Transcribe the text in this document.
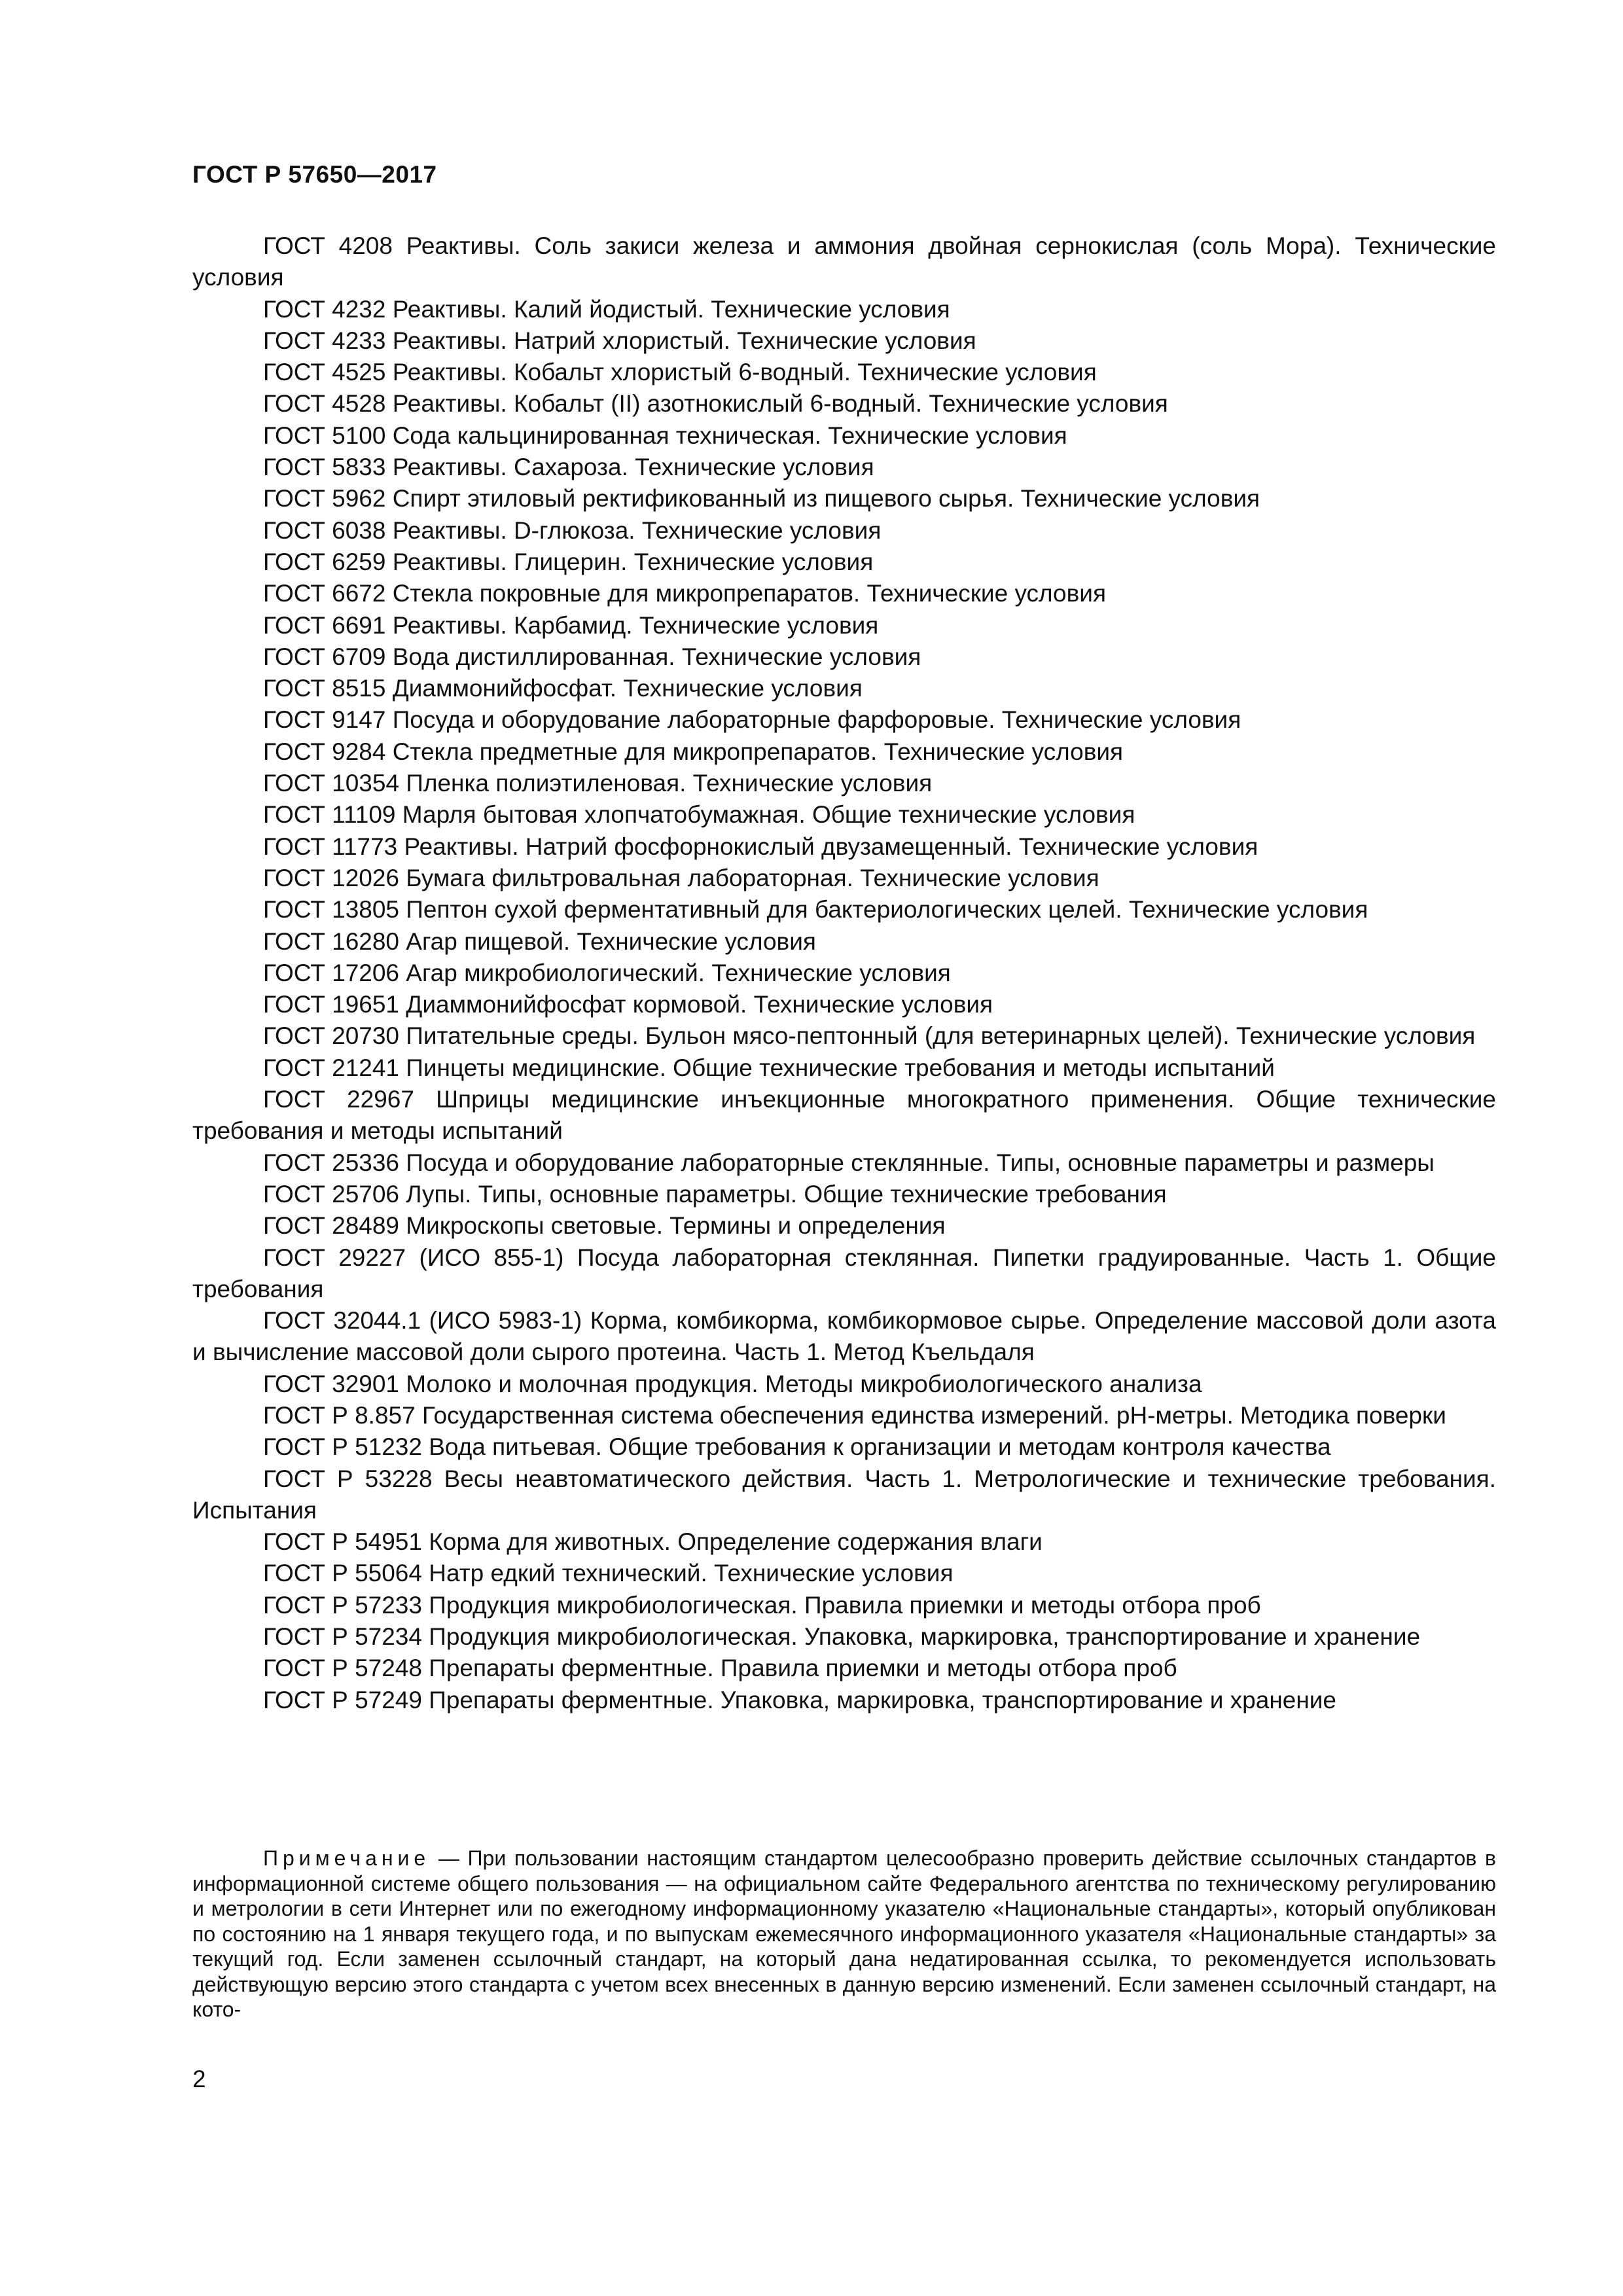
ГОСТ Р 57650—2017

ГОСТ 4208 Реактивы. Соль закиси железа и аммония двойная сернокислая (соль Мора). Технические условия

ГОСТ 4232 Реактивы. Калий йодистый. Технические условия

ГОСТ 4233 Реактивы. Натрий хлористый. Технические условия

ГОСТ 4525 Реактивы. Кобальт хлористый 6-водный. Технические условия

ГОСТ 4528 Реактивы. Кобальт (II) азотнокислый 6-водный. Технические условия

ГОСТ 5100 Сода кальцинированная техническая. Технические условия

ГОСТ 5833 Реактивы. Сахароза. Технические условия

ГОСТ 5962 Спирт этиловый ректификованный из пищевого сырья. Технические условия

ГОСТ 6038 Реактивы. D-глюкоза. Технические условия

ГОСТ 6259 Реактивы. Глицерин. Технические условия

ГОСТ 6672 Стекла покровные для микропрепаратов. Технические условия

ГОСТ 6691 Реактивы. Карбамид. Технические условия

ГОСТ 6709 Вода дистиллированная. Технические условия

ГОСТ 8515 Диаммонийфосфат. Технические условия

ГОСТ 9147 Посуда и оборудование лабораторные фарфоровые. Технические условия

ГОСТ 9284 Стекла предметные для микропрепаратов. Технические условия

ГОСТ 10354 Пленка полиэтиленовая. Технические условия

ГОСТ 11109 Марля бытовая хлопчатобумажная. Общие технические условия

ГОСТ 11773 Реактивы. Натрий фосфорнокислый двузамещенный. Технические условия

ГОСТ 12026 Бумага фильтровальная лабораторная. Технические условия

ГОСТ 13805 Пептон сухой ферментативный для бактериологических целей. Технические условия

ГОСТ 16280 Агар пищевой. Технические условия

ГОСТ 17206 Агар микробиологический. Технические условия

ГОСТ 19651 Диаммонийфосфат кормовой. Технические условия

ГОСТ 20730 Питательные среды. Бульон мясо-пептонный (для ветеринарных целей). Технические условия

ГОСТ 21241 Пинцеты медицинские. Общие технические требования и методы испытаний

ГОСТ 22967 Шприцы медицинские инъекционные многократного применения. Общие технические требования и методы испытаний

ГОСТ 25336 Посуда и оборудование лабораторные стеклянные. Типы, основные параметры и размеры

ГОСТ 25706 Лупы. Типы, основные параметры. Общие технические требования

ГОСТ 28489 Микроскопы световые. Термины и определения

ГОСТ 29227 (ИСО 855-1) Посуда лабораторная стеклянная. Пипетки градуированные. Часть 1. Общие требования

ГОСТ 32044.1 (ИСО 5983-1) Корма, комбикорма, комбикормовое сырье. Определение массовой доли азота и вычисление массовой доли сырого протеина. Часть 1. Метод Къельдаля

ГОСТ 32901 Молоко и молочная продукция. Методы микробиологического анализа

ГОСТ Р 8.857 Государственная система обеспечения единства измерений. pH-метры. Методика поверки

ГОСТ Р 51232 Вода питьевая. Общие требования к организации и методам контроля качества

ГОСТ Р 53228 Весы неавтоматического действия. Часть 1. Метрологические и технические требования. Испытания

ГОСТ Р 54951 Корма для животных. Определение содержания влаги

ГОСТ Р 55064 Натр едкий технический. Технические условия

ГОСТ Р 57233 Продукция микробиологическая. Правила приемки и методы отбора проб

ГОСТ Р 57234 Продукция микробиологическая. Упаковка, маркировка, транспортирование и хранение

ГОСТ Р 57248 Препараты ферментные. Правила приемки и методы отбора проб

ГОСТ Р 57249 Препараты ферментные. Упаковка, маркировка, транспортирование и хранение

Примечание — При пользовании настоящим стандартом целесообразно проверить действие ссылочных стандартов в информационной системе общего пользования — на официальном сайте Федерального агентства по техническому регулированию и метрологии в сети Интернет или по ежегодному информационному указателю «Национальные стандарты», который опубликован по состоянию на 1 января текущего года, и по выпускам ежемесячного информационного указателя «Национальные стандарты» за текущий год. Если заменен ссылочный стандарт, на который дана недатированная ссылка, то рекомендуется использовать действующую версию этого стандарта с учетом всех внесенных в данную версию изменений. Если заменен ссылочный стандарт, на кото-

2
